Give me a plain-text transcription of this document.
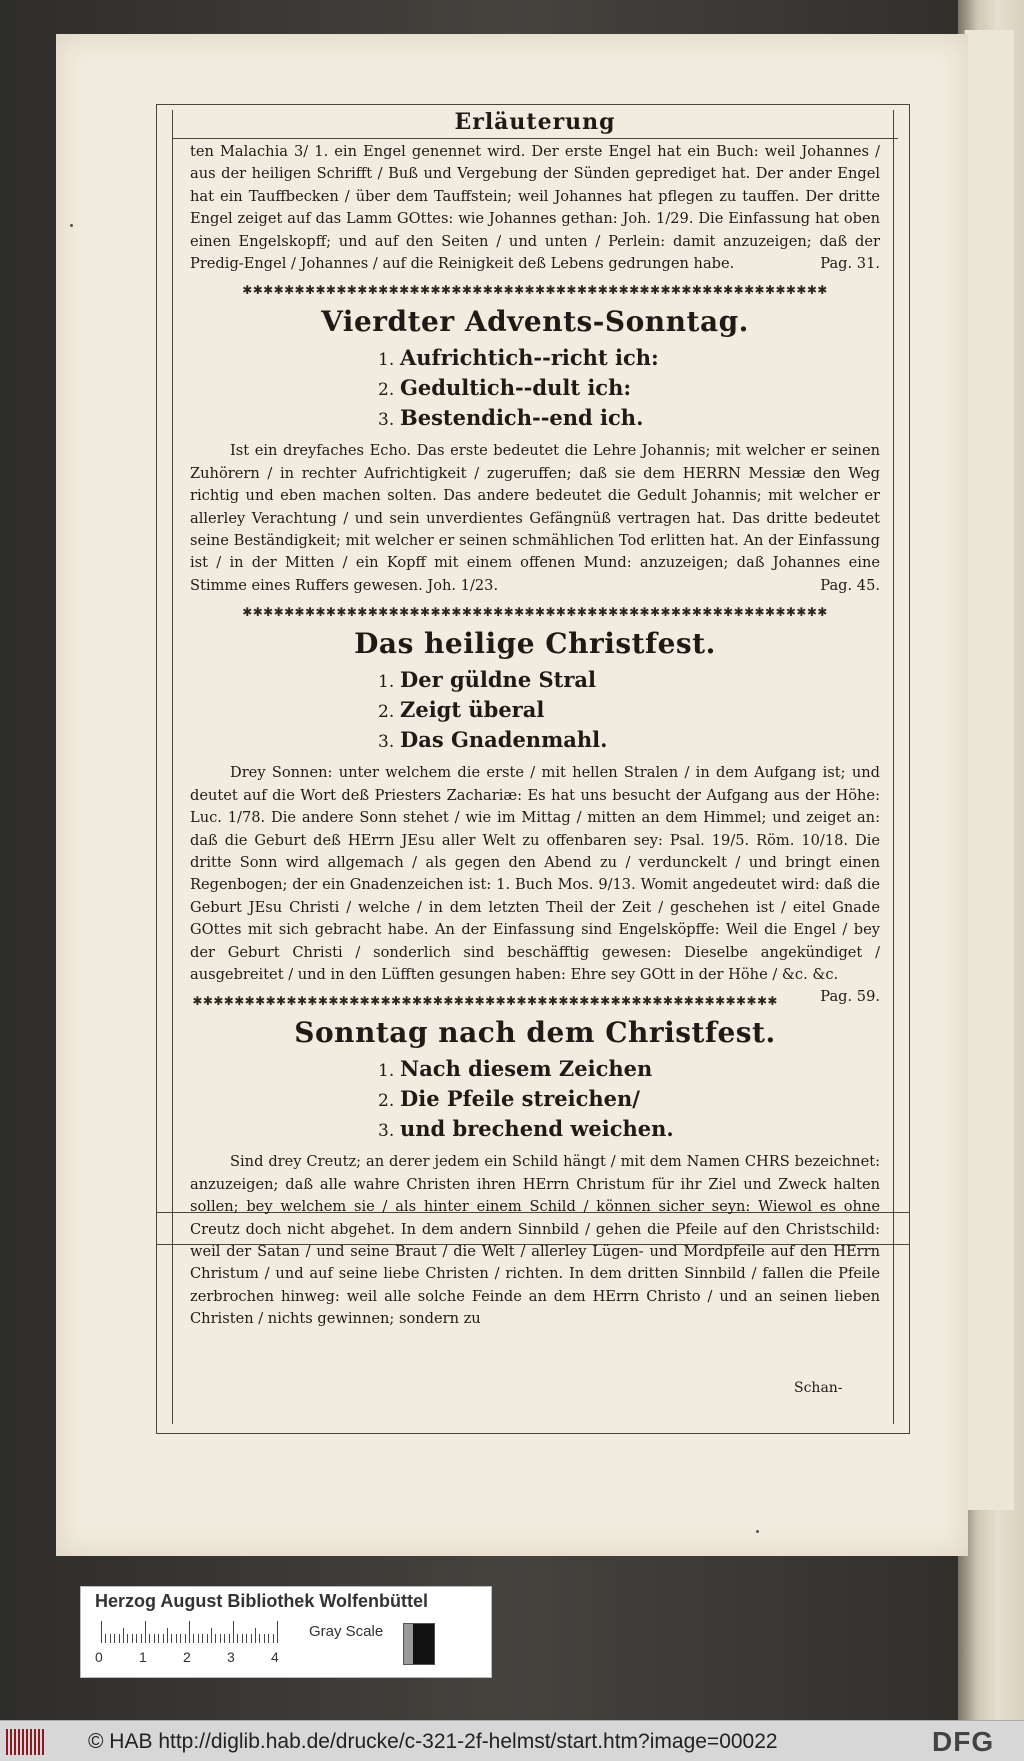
Erläuterung

ten Malachia 3/ 1. ein Engel genennet wird. Der erste Engel hat ein Buch: weil Johannes / aus der heiligen Schrifft / Buß und Vergebung der Sünden geprediget hat. Der ander Engel hat ein Tauffbecken / über dem Tauffstein; weil Johannes hat pflegen zu tauffen. Der dritte Engel zeiget auf das Lamm GOttes: wie Johannes gethan: Joh. 1/29. Die Einfassung hat oben einen Engelskopff; und auf den Seiten / und unten / Perlein: damit anzuzeigen; daß der Predig-Engel / Johannes / auf die Reinigkeit deß Lebens gedrungen habe.	Pag. 31.

✱✱✱✱✱✱✱✱✱✱✱✱✱✱✱✱✱✱✱✱✱✱✱✱✱✱✱✱✱✱✱✱✱✱✱✱✱✱✱✱✱✱✱✱✱✱✱✱✱✱✱✱✱✱✱✱
Vierdter Advents-Sonntag.
1. Aufrichtich--richt ich:
2. Gedultich--dult ich:
3. Bestendich--end ich.

Ist ein dreyfaches Echo. Das erste bedeutet die Lehre Johannis; mit welcher er seinen Zuhörern / in rechter Aufrichtigkeit / zugeruffen; daß sie dem HERRN Messiæ den Weg richtig und eben machen solten. Das andere bedeutet die Gedult Johannis; mit welcher er allerley Verachtung / und sein unverdientes Gefängnüß vertragen hat. Das dritte bedeutet seine Beständigkeit; mit welcher er seinen schmählichen Tod erlitten hat. An der Einfassung ist / in der Mitten / ein Kopff mit einem offenen Mund: anzuzeigen; daß Johannes eine Stimme eines Ruffers gewesen. Joh. 1/23.	Pag. 45.

✱✱✱✱✱✱✱✱✱✱✱✱✱✱✱✱✱✱✱✱✱✱✱✱✱✱✱✱✱✱✱✱✱✱✱✱✱✱✱✱✱✱✱✱✱✱✱✱✱✱✱✱✱✱✱✱
Das heilige Christfest.
1. Der güldne Stral
2. Zeigt überal
3. Das Gnadenmahl.

Drey Sonnen: unter welchem die erste / mit hellen Stralen / in dem Aufgang ist; und deutet auf die Wort deß Priesters Zachariæ: Es hat uns besucht der Aufgang aus der Höhe: Luc. 1/78. Die andere Sonn stehet / wie im Mittag / mitten an dem Himmel; und zeiget an: daß die Geburt deß HErrn JEsu aller Welt zu offenbaren sey: Psal. 19/5. Röm. 10/18. Die dritte Sonn wird allgemach / als gegen den Abend zu / verdunckelt / und bringt einen Regenbogen; der ein Gnadenzeichen ist: 1. Buch Mos. 9/13. Womit angedeutet wird: daß die Geburt JEsu Christi / welche / in dem letzten Theil der Zeit / geschehen ist / eitel Gnade GOttes mit sich gebracht habe. An der Einfassung sind Engelsköpffe: Weil die Engel / bey der Geburt Christi / sonderlich sind beschäfftig gewesen: Dieselbe angekündiget / ausgebreitet / und in den Lüfften gesungen haben: Ehre sey GOtt in der Höhe / &c. &c.
Pag. 59.

✱✱✱✱✱✱✱✱✱✱✱✱✱✱✱✱✱✱✱✱✱✱✱✱✱✱✱✱✱✱✱✱✱✱✱✱✱✱✱✱✱✱✱✱✱✱✱✱✱✱✱✱✱✱✱✱
Sonntag nach dem Christfest.
1. Nach diesem Zeichen
2. Die Pfeile streichen/
3. und brechend weichen.

Sind drey Creutz; an derer jedem ein Schild hängt / mit dem Namen CHRS bezeichnet: anzuzeigen; daß alle wahre Christen ihren HErrn Christum für ihr Ziel und Zweck halten sollen; bey welchem sie / als hinter einem Schild / können sicher seyn: Wiewol es ohne Creutz doch nicht abgehet. In dem andern Sinnbild / gehen die Pfeile auf den Christschild: weil der Satan / und seine Braut / die Welt / allerley Lügen- und Mordpfeile auf den HErrn Christum / und auf seine liebe Christen / richten. In dem dritten Sinnbild / fallen die Pfeile zerbrochen hinweg: weil alle solche Feinde an dem HErrn Christo / und an seinen lieben Christen / nichts gewinnen; sondern zu

Schan-
Herzog August Bibliothek Wolfenbüttel
0	1	2	3	4
Gray Scale
© HAB http://diglib.hab.de/drucke/c-321-2f-helmst/start.htm?image=00022	DFG
